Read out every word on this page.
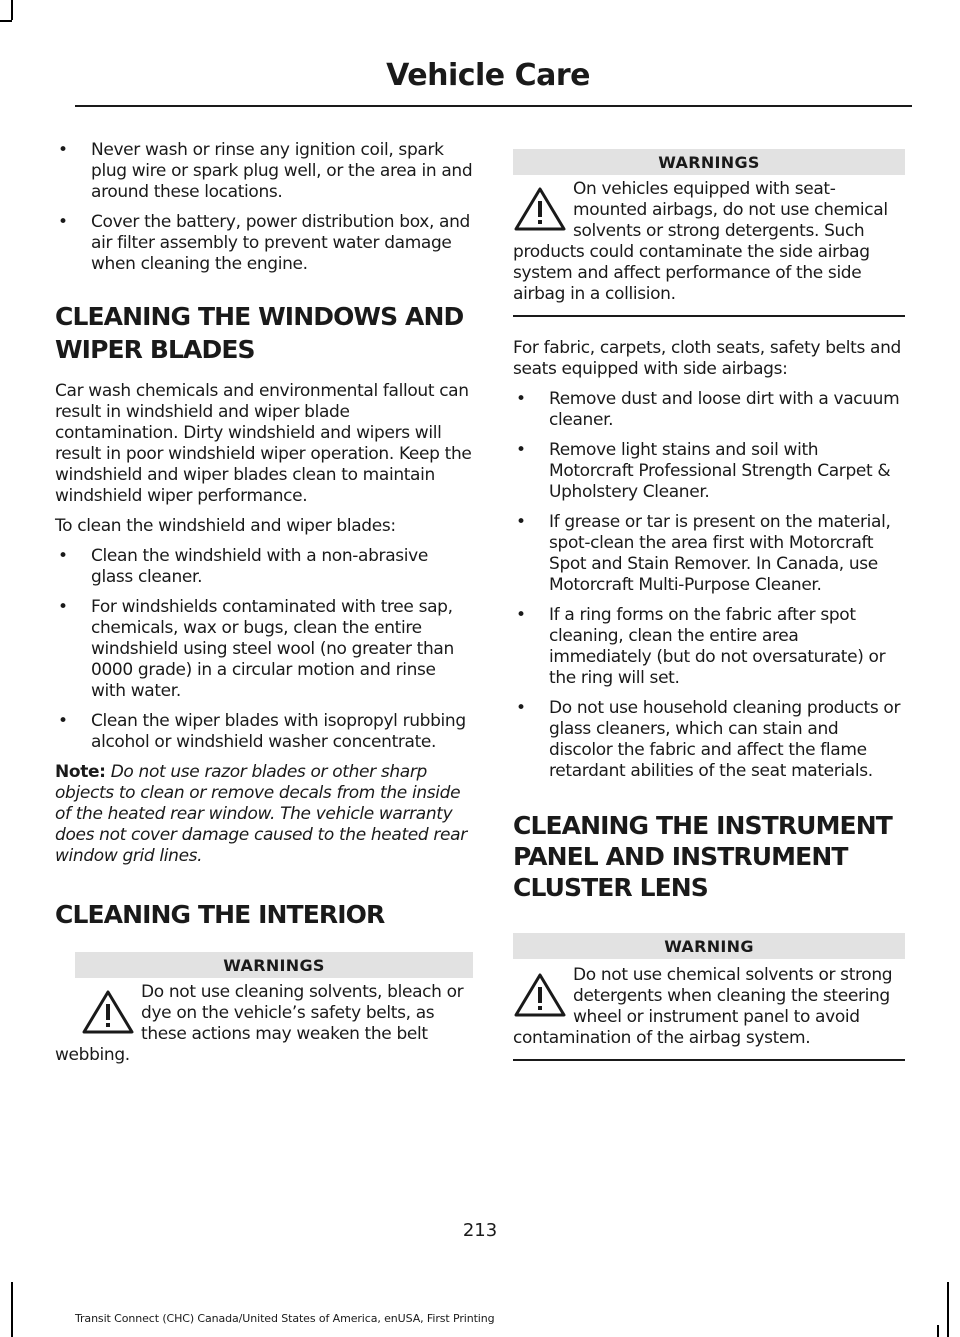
Vehicle Care
• Never wash or rinse any ignition coil, spark plug wire or spark plug well, or the area in and around these locations.
• Cover the battery, power distribution box, and air filter assembly to prevent water damage when cleaning the engine.
CLEANING THE WINDOWS AND
WIPER BLADES

Car wash chemicals and environmental fallout can result in windshield and wiper blade contamination. Dirty windshield and wipers will result in poor windshield wiper operation. Keep the windshield and wiper blades clean to maintain windshield wiper performance.

To clean the windshield and wiper blades:

• Clean the windshield with a non-abrasive glass cleaner.
• For windshields contaminated with tree sap, chemicals, wax or bugs, clean the entire windshield using steel wool (no greater than 0000 grade) in a circular motion and rinse with water.
• Clean the wiper blades with isopropyl rubbing alcohol or windshield washer concentrate.

Note: Do not use razor blades or other sharp objects to clean or remove decals from the inside of the heated rear window. The vehicle warranty does not cover damage caused to the heated rear window grid lines.

CLEANING THE INTERIOR
WARNINGS

Do not use cleaning solvents, bleach or dye on the vehicle’s safety belts, as these actions may weaken the belt webbing.

WARNINGS

On vehicles equipped with seat-mounted airbags, do not use chemical solvents or strong detergents. Such products could contaminate the side airbag system and affect performance of the side airbag in a collision.

For fabric, carpets, cloth seats, safety belts and seats equipped with side airbags:

• Remove dust and loose dirt with a vacuum cleaner.
• Remove light stains and soil with Motorcraft Professional Strength Carpet & Upholstery Cleaner.
• If grease or tar is present on the material, spot-clean the area first with Motorcraft Spot and Stain Remover. In Canada, use Motorcraft Multi-Purpose Cleaner.
• If a ring forms on the fabric after spot cleaning, clean the entire area immediately (but do not oversaturate) or the ring will set.
• Do not use household cleaning products or glass cleaners, which can stain and discolor the fabric and affect the flame retardant abilities of the seat materials.
CLEANING THE INSTRUMENT
PANEL AND INSTRUMENT
CLUSTER LENS
WARNING

Do not use chemical solvents or strong detergents when cleaning the steering wheel or instrument panel to avoid contamination of the airbag system.

213
Transit Connect (CHC) Canada/United States of America, enUSA, First Printing
